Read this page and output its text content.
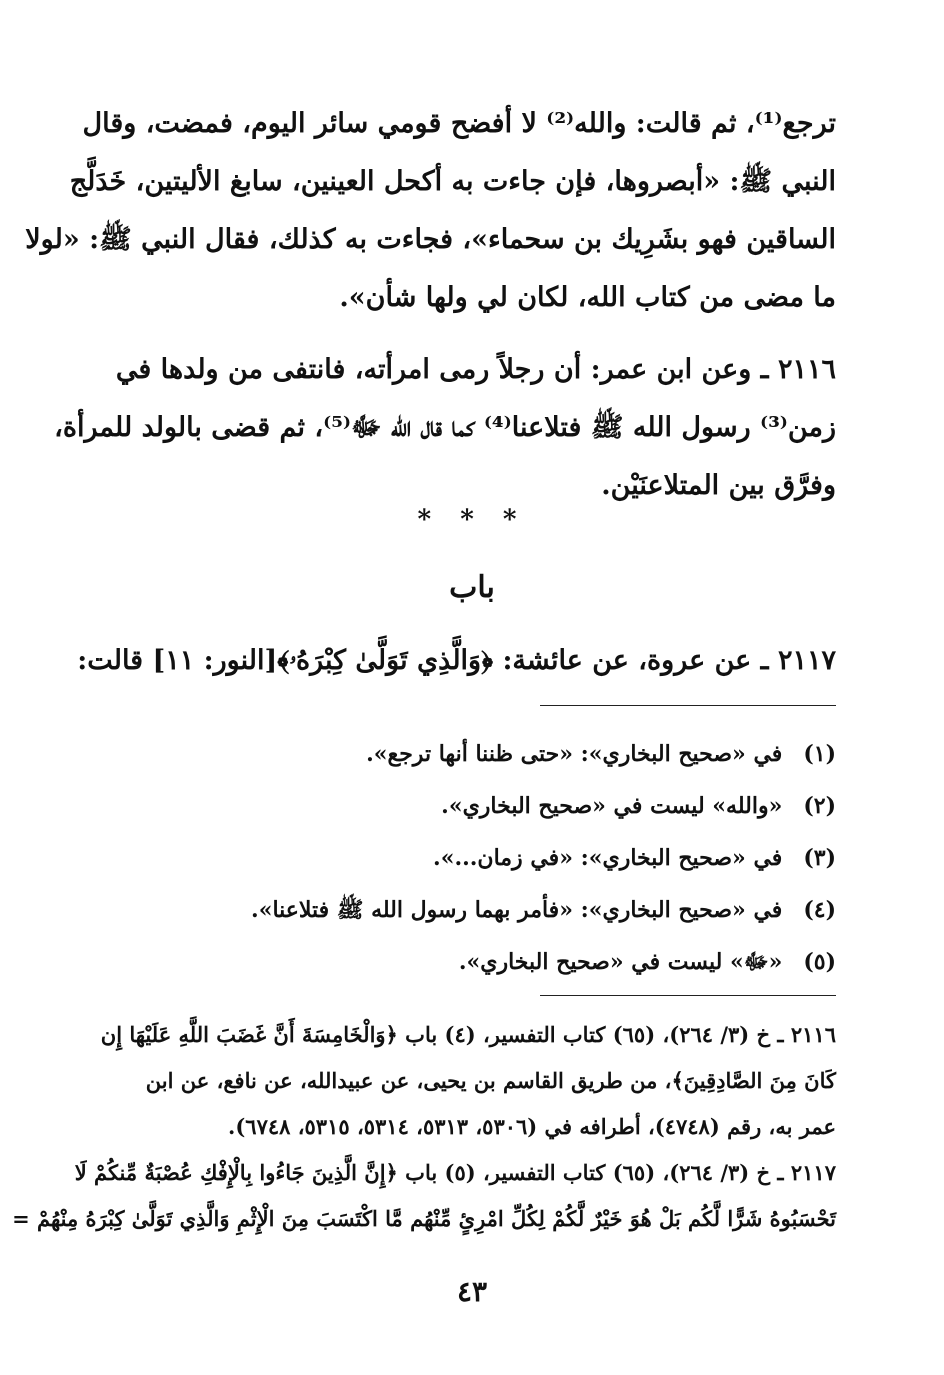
ترجع⁽¹⁾، ثم قالت: والله⁽²⁾ لا أفضح قومي سائر اليوم، فمضت، وقال
النبي ﷺ: «أبصروها، فإن جاءت به أكحل العينين، سابغ الأليتين، خَدَلَّج
الساقين فهو بشَرِيك بن سحماء»، فجاءت به كذلك، فقال النبي ﷺ: «لولا
ما مضى من كتاب الله، لكان لي ولها شأن».

٢١١٦ ـ وعن ابن عمر: أن رجلاً رمى امرأته، فانتفى من ولدها في
زمن⁽³⁾ رسول الله ﷺ فتلاعنا⁽⁴⁾ كما قال الله ﷻ⁽⁵⁾، ثم قضى بالولد للمرأة،
وفرَّق بين المتلاعنَيْن.

* * *
باب
٢١١٧ ـ عن عروة، عن عائشة: ﴿وَالَّذِي تَوَلَّىٰ كِبْرَهُۥ﴾[النور: ١١] قالت:
(١) في «صحيح البخاري»: «حتى ظننا أنها ترجع».
(٢) «والله» ليست في «صحيح البخاري».
(٣) في «صحيح البخاري»: «في زمان...».
(٤) في «صحيح البخاري»: «فأمر بهما رسول الله ﷺ فتلاعنا».
(٥) «ﷻ» ليست في «صحيح البخاري».
٢١١٦ ـ خ (٣/ ٢٦٤)، (٦٥) كتاب التفسير، (٤) باب ﴿وَالْخَامِسَةَ أَنَّ غَضَبَ اللَّهِ عَلَيْهَا إِن
كَانَ مِنَ الصَّادِقِينَ﴾، من طريق القاسم بن يحيى، عن عبيدالله، عن نافع، عن ابن
عمر به، رقم (٤٧٤٨)، أطرافه في (٥٣٠٦، ٥٣١٣، ٥٣١٤، ٥٣١٥، ٦٧٤٨).
٢١١٧ ـ خ (٣/ ٢٦٤)، (٦٥) كتاب التفسير، (٥) باب ﴿إِنَّ الَّذِينَ جَاءُوا بِالْإِفْكِ عُصْبَةٌ مِّنكُمْ لَا
تَحْسَبُوهُ شَرًّا لَّكُم بَلْ هُوَ خَيْرٌ لَّكُمْ لِكُلِّ امْرِئٍ مِّنْهُم مَّا اكْتَسَبَ مِنَ الْإِثْمِ وَالَّذِي تَوَلَّىٰ كِبْرَهُ مِنْهُمْ =
٤٣
